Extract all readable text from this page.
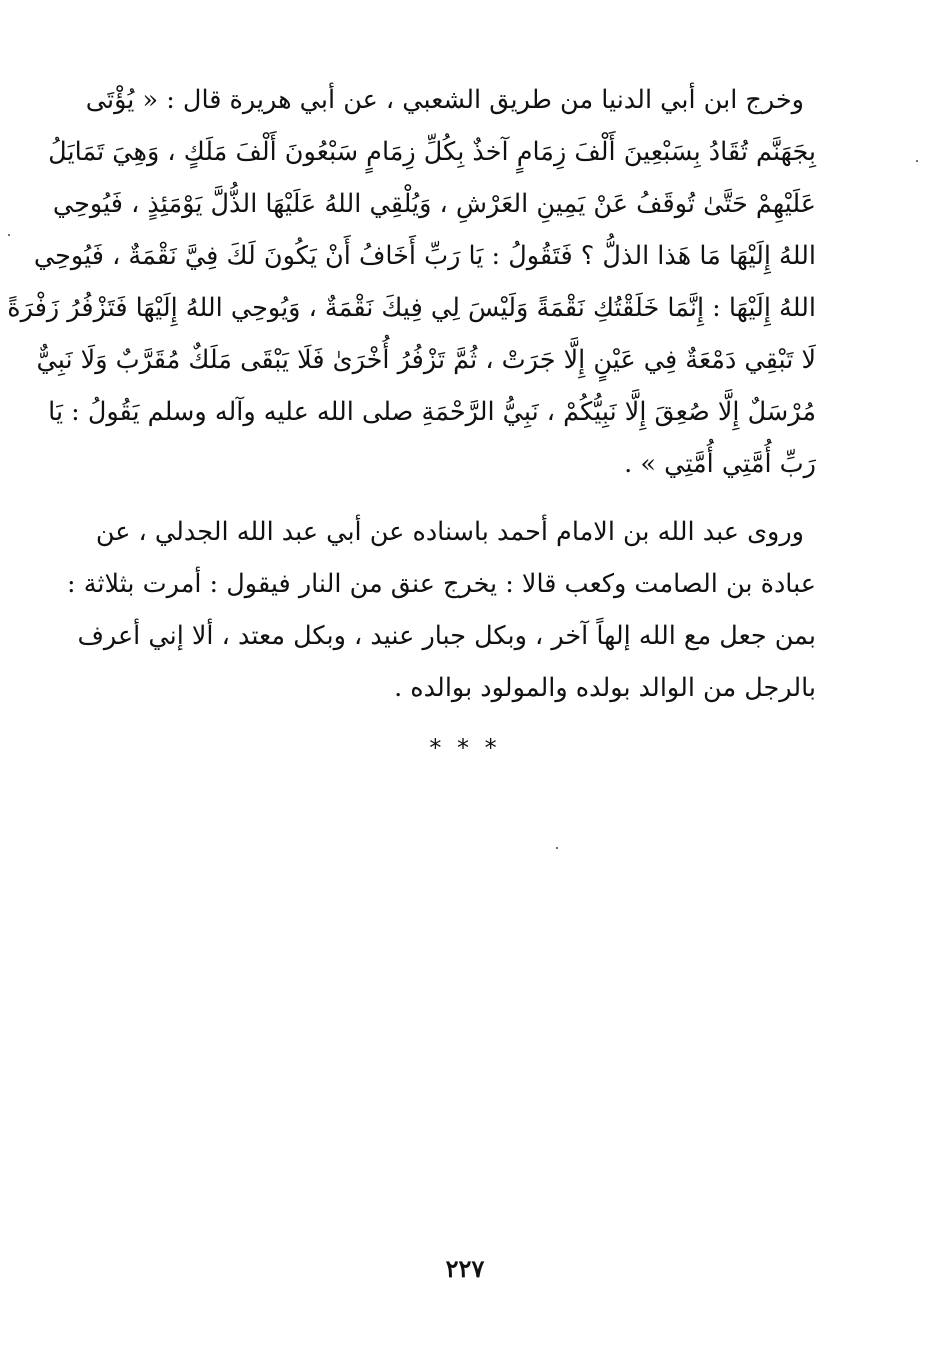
وخرج ابن أبي الدنيا من طريق الشعبي ، عن أبي هريرة قال : « يُؤْتَى
بِجَهَنَّم تُقَادُ بِسَبْعِينَ أَلْفَ زِمَامٍ آخذٌ بِكُلِّ زِمَامٍ سَبْعُونَ أَلْفَ مَلَكٍ ، وَهِيَ تَمَايَلُ
عَلَيْهِمْ حَتَّىٰ تُوقَفُ عَنْ يَمِينِ العَرْشِ ، وَيُلْقِي اللهُ عَلَيْهَا الذُّلَّ يَوْمَئِذٍ ، فَيُوحِي
اللهُ إِلَيْهَا مَا هَذا الذلُّ ؟ فَتَقُولُ : يَا رَبِّ أَخَافُ أَنْ يَكُونَ لَكَ فِيَّ نَقْمَةٌ ، فَيُوحِي
اللهُ إِلَيْهَا : إِنَّمَا خَلَقْتُكِ نَقْمَةً وَلَيْسَ لِي فِيكَ نَقْمَةٌ ، وَيُوحِي اللهُ إِلَيْهَا فَتَزْفُرُ زَفْرَةً
لَا تَبْقِي دَمْعَةٌ فِي عَيْنٍ إِلَّا جَرَتْ ، ثُمَّ تَزْفُرُ أُخْرَىٰ فَلَا يَبْقَى مَلَكٌ مُقَرَّبٌ وَلَا نَبِيٌّ
مُرْسَلٌ إِلَّا صُعِقَ إِلَّا نَبِيُّكُمْ ، نَبِيُّ الرَّحْمَةِ صلى الله عليه وآله وسلم يَقُولُ : يَا
رَبِّ أُمَّتِي أُمَّتِي » .
وروى عبد الله بن الامام أحمد باسناده عن أبي عبد الله الجدلي ، عن
عبادة بن الصامت وكعب قالا : يخرج عنق من النار فيقول : أمرت بثلاثة :
بمن جعل مع الله إلهاً آخر ، وبكل جبار عنيد ، وبكل معتد ، ألا إني أعرف
بالرجل من الوالد بولده والمولود بوالده .
* * *
٢٢٧
